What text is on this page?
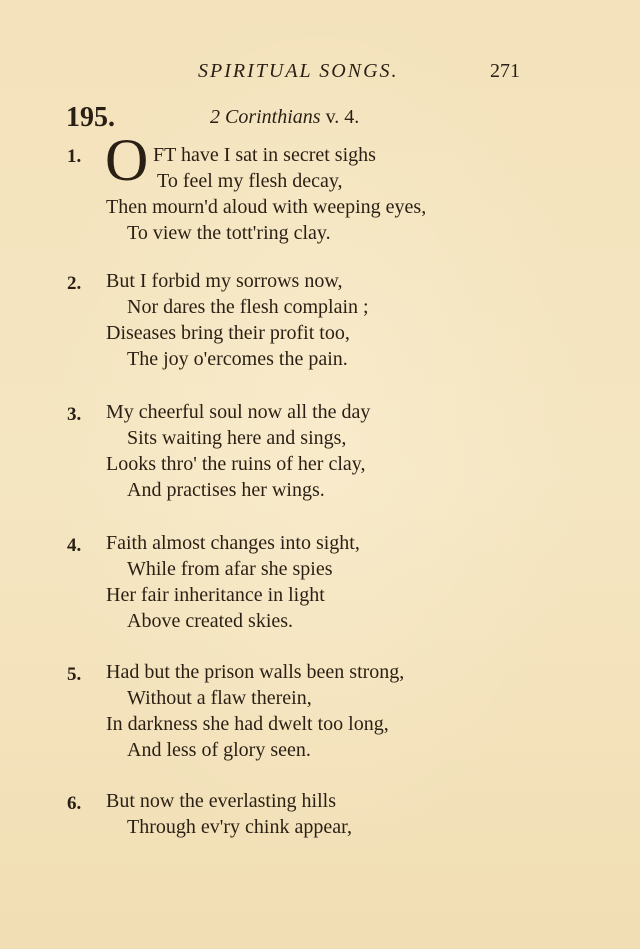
SPIRITUAL SONGS.	271
195.	2 Corinthians v. 4.
O
1.	FT have I sat in secret sighs
To feel my flesh decay,
Then mourn'd aloud with weeping eyes,
To view the tott'ring clay.
2. But I forbid my sorrows now,
Nor dares the flesh complain ;
Diseases bring their profit too,
The joy o'ercomes the pain.
3. My cheerful soul now all the day
Sits waiting here and sings,
Looks thro' the ruins of her clay,
And practises her wings.
4. Faith almost changes into sight,
While from afar she spies
Her fair inheritance in light
Above created skies.
5. Had but the prison walls been strong,
Without a flaw therein,
In darkness she had dwelt too long,
And less of glory seen.
6. But now the everlasting hills
Through ev'ry chink appear,
